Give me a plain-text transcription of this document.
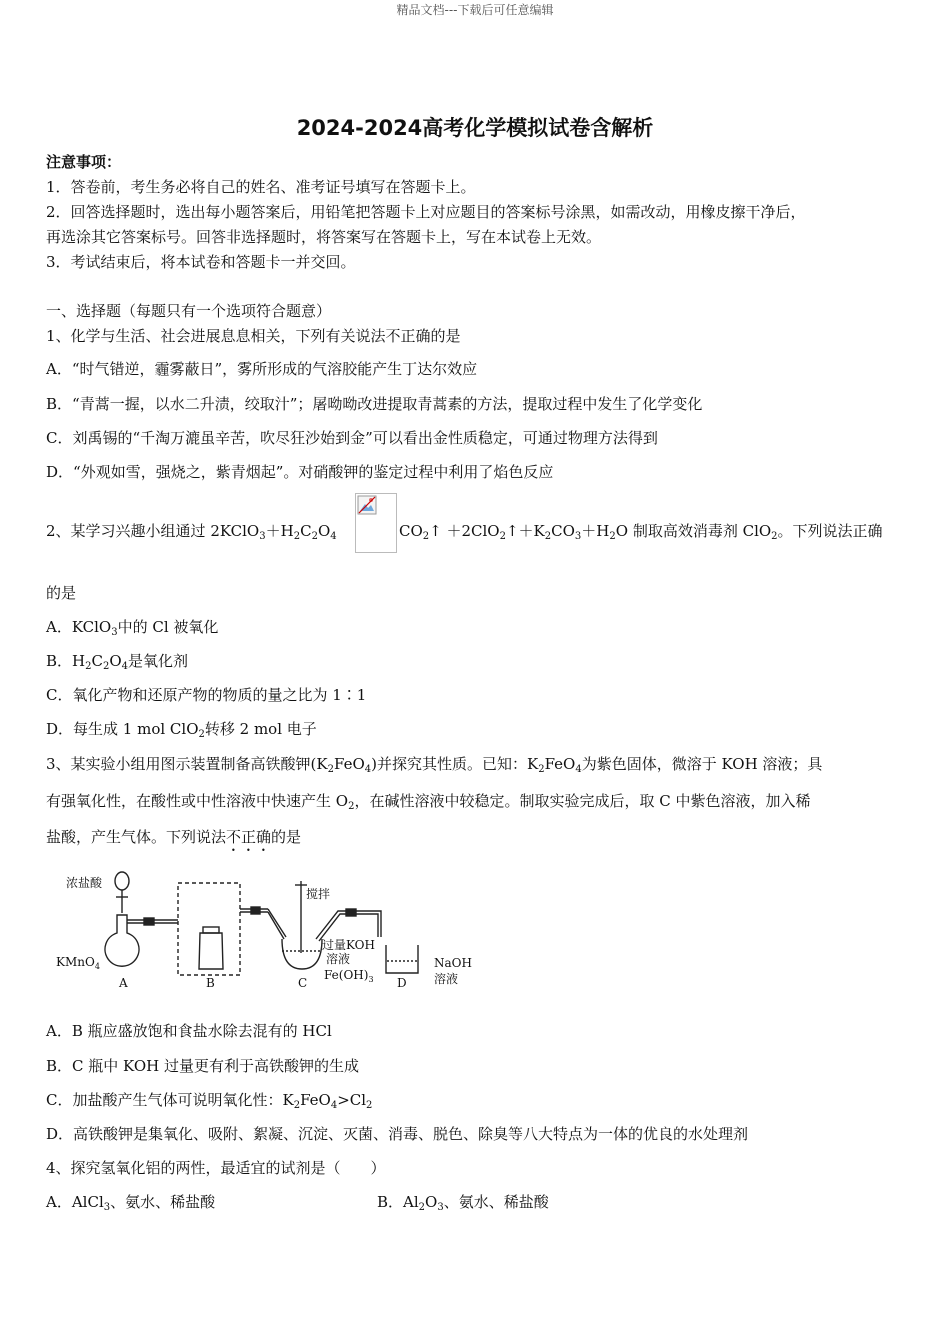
精品文档---下载后可任意编辑
2024-2024高考化学模拟试卷含解析
注意事项：
1．答卷前，考生务必将自己的姓名、准考证号填写在答题卡上。
2．回答选择题时，选出每小题答案后，用铅笔把答题卡上对应题目的答案标号涂黑，如需改动，用橡皮擦干净后，
再选涂其它答案标号。回答非选择题时，将答案写在答题卡上，写在本试卷上无效。
3．考试结束后，将本试卷和答题卡一并交回。
一、选择题（每题只有一个选项符合题意）
1、化学与生活、社会进展息息相关，下列有关说法不正确的是
A．“时气错逆，霾雾蔽日”，雾所形成的气溶胶能产生丁达尔效应
B．“青蒿一握，以水二升渍，绞取汁”；屠呦呦改进提取青蒿素的方法，提取过程中发生了化学变化
C．刘禹锡的“千淘万漉虽辛苦，吹尽狂沙始到金”可以看出金性质稳定，可通过物理方法得到
D．“外观如雪，强烧之，紫青烟起”。对硝酸钾的鉴定过程中利用了焰色反应
2、某学习兴趣小组通过 $2KClO_3+H_2C_2O_4$	$CO_2↑$ $+2ClO_2↑+K_2CO_3+H_2O$ 制取高效消毒剂 ClO$_2$。下列说法正确
的是
A．KClO$_3$中的 Cl 被氧化
B．$H_2C_2O_4$是氧化剂
C．氧化产物和还原产物的物质的量之比为 1∶1
D．每生成 1 mol ClO$_2$转移 2 mol 电子
3、某实验小组用图示装置制备高铁酸钾$(K_2FeO_4)$并探究其性质。已知：$K_2FeO_4$为紫色固体，微溶于 KOH 溶液；具
有强氧化性，在酸性或中性溶液中快速产生 $O_2$，在碱性溶液中较稳定。制取实验完成后，取 C 中紫色溶液，加入稀
盐酸，产生气体。下列说法不正确的是
浓盐酸
KMnO$_4$
搅拌
过量KOH
溶液
$Fe(OH)_3$
NaOH
溶液
A	B	C	D
A．B 瓶应盛放饱和食盐水除去混有的 HCl
B．C 瓶中 KOH 过量更有利于高铁酸钾的生成
C．加盐酸产生气体可说明氧化性：$K_2FeO_4>Cl_2$
D．高铁酸钾是集氧化、吸附、絮凝、沉淀、灭菌、消毒、脱色、除臭等八大特点为一体的优良的水处理剂
4、探究氢氧化铝的两性，最适宜的试剂是（　　）
A．AlCl$_3$、氨水、稀盐酸	B．$Al_2O_3$、氨水、稀盐酸
